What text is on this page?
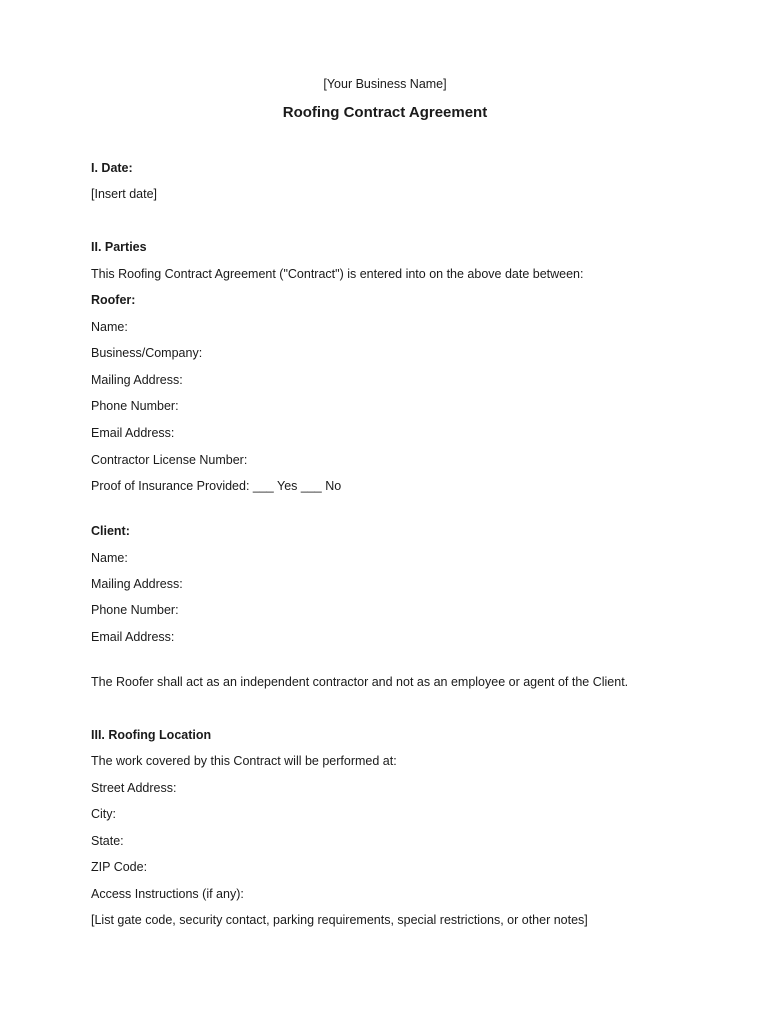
[Your Business Name]
Roofing Contract Agreement
I. Date:
[Insert date]
II. Parties
This Roofing Contract Agreement ("Contract") is entered into on the above date between:
Roofer:
Name:
Business/Company:
Mailing Address:
Phone Number:
Email Address:
Contractor License Number:
Proof of Insurance Provided: ___ Yes ___ No
Client:
Name:
Mailing Address:
Phone Number:
Email Address:
The Roofer shall act as an independent contractor and not as an employee or agent of the Client.
III. Roofing Location
The work covered by this Contract will be performed at:
Street Address:
City:
State:
ZIP Code:
Access Instructions (if any):
[List gate code, security contact, parking requirements, special restrictions, or other notes]
